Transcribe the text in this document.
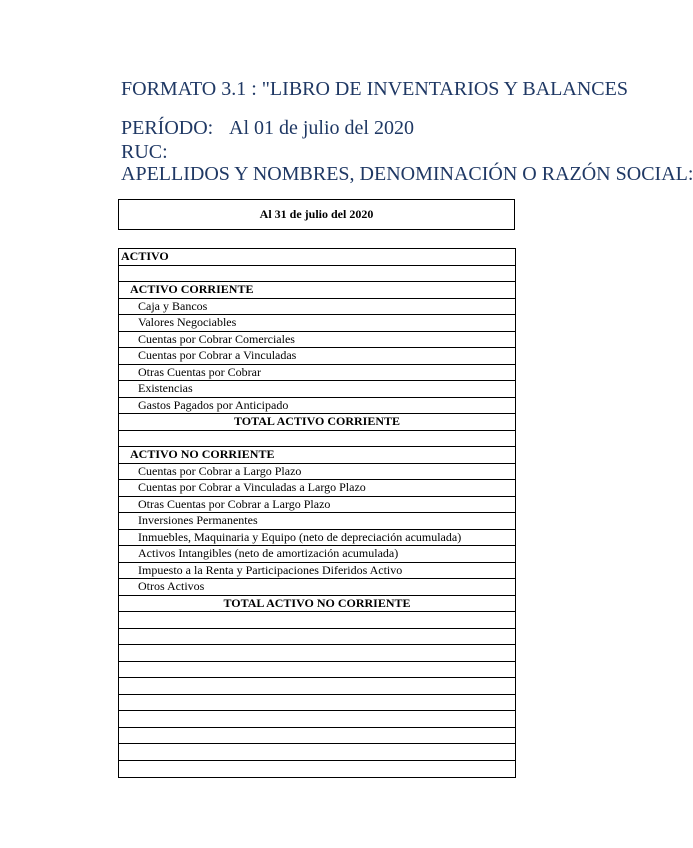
FORMATO 3.1 : "LIBRO DE INVENTARIOS Y BALANCES
PERÍODO: Al 01 de julio del 2020
RUC:
APELLIDOS Y NOMBRES, DENOMINACIÓN O RAZÓN SOCIAL:
Al 31 de julio del 2020
ACTIVO
ACTIVO CORRIENTE
Caja y Bancos
Valores Negociables
Cuentas por Cobrar Comerciales
Cuentas por Cobrar a Vinculadas
Otras Cuentas por Cobrar
Existencias
Gastos Pagados por Anticipado
TOTAL ACTIVO CORRIENTE
ACTIVO NO CORRIENTE
Cuentas por Cobrar a Largo Plazo
Cuentas por Cobrar a Vinculadas a Largo Plazo
Otras Cuentas por Cobrar a Largo Plazo
Inversiones Permanentes
Inmuebles, Maquinaria y Equipo (neto de depreciación acumulada)
Activos Intangibles (neto de amortización acumulada)
Impuesto a la Renta y Participaciones Diferidos Activo
Otros Activos
TOTAL ACTIVO NO CORRIENTE
